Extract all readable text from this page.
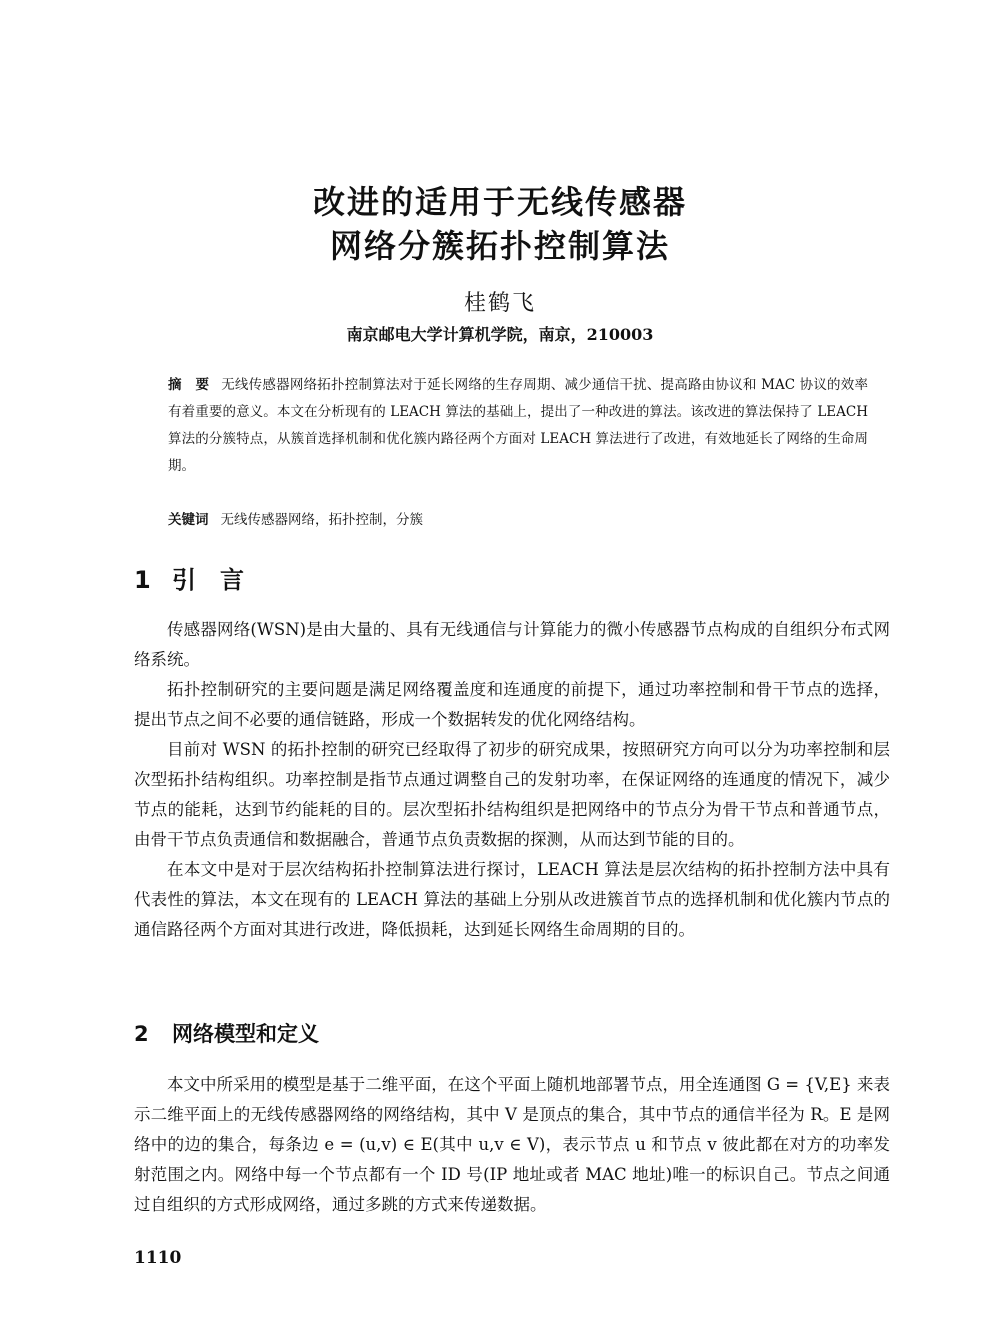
改进的适用于无线传感器
网络分簇拓扑控制算法
桂鹤飞
南京邮电大学计算机学院，南京，210003
摘　要 无线传感器网络拓扑控制算法对于延长网络的生存周期、减少通信干扰、提高路由协议和 MAC 协议的效率有着重要的意义。本文在分析现有的 LEACH 算法的基础上，提出了一种改进的算法。该改进的算法保持了 LEACH 算法的分簇特点，从簇首选择机制和优化簇内路径两个方面对 LEACH 算法进行了改进，有效地延长了网络的生命周期。
关键词 无线传感器网络，拓扑控制，分簇
1 引　言

传感器网络(WSN)是由大量的、具有无线通信与计算能力的微小传感器节点构成的自组织分布式网络系统。

拓扑控制研究的主要问题是满足网络覆盖度和连通度的前提下，通过功率控制和骨干节点的选择，提出节点之间不必要的通信链路，形成一个数据转发的优化网络结构。

目前对 WSN 的拓扑控制的研究已经取得了初步的研究成果，按照研究方向可以分为功率控制和层次型拓扑结构组织。功率控制是指节点通过调整自己的发射功率，在保证网络的连通度的情况下，减少节点的能耗，达到节约能耗的目的。层次型拓扑结构组织是把网络中的节点分为骨干节点和普通节点，由骨干节点负责通信和数据融合，普通节点负责数据的探测，从而达到节能的目的。

在本文中是对于层次结构拓扑控制算法进行探讨，LEACH 算法是层次结构的拓扑控制方法中具有代表性的算法，本文在现有的 LEACH 算法的基础上分别从改进簇首节点的选择机制和优化簇内节点的通信路径两个方面对其进行改进，降低损耗，达到延长网络生命周期的目的。

2 网络模型和定义

本文中所采用的模型是基于二维平面，在这个平面上随机地部署节点，用全连通图 G = {V,E} 来表示二维平面上的无线传感器网络的网络结构，其中 V 是顶点的集合，其中节点的通信半径为 R。E 是网络中的边的集合，每条边 e = (u,v) ∈ E(其中 u,v ∈ V)，表示节点 u 和节点 v 彼此都在对方的功率发射范围之内。网络中每一个节点都有一个 ID 号(IP 地址或者 MAC 地址)唯一的标识自己。节点之间通过自组织的方式形成网络，通过多跳的方式来传递数据。

1110
